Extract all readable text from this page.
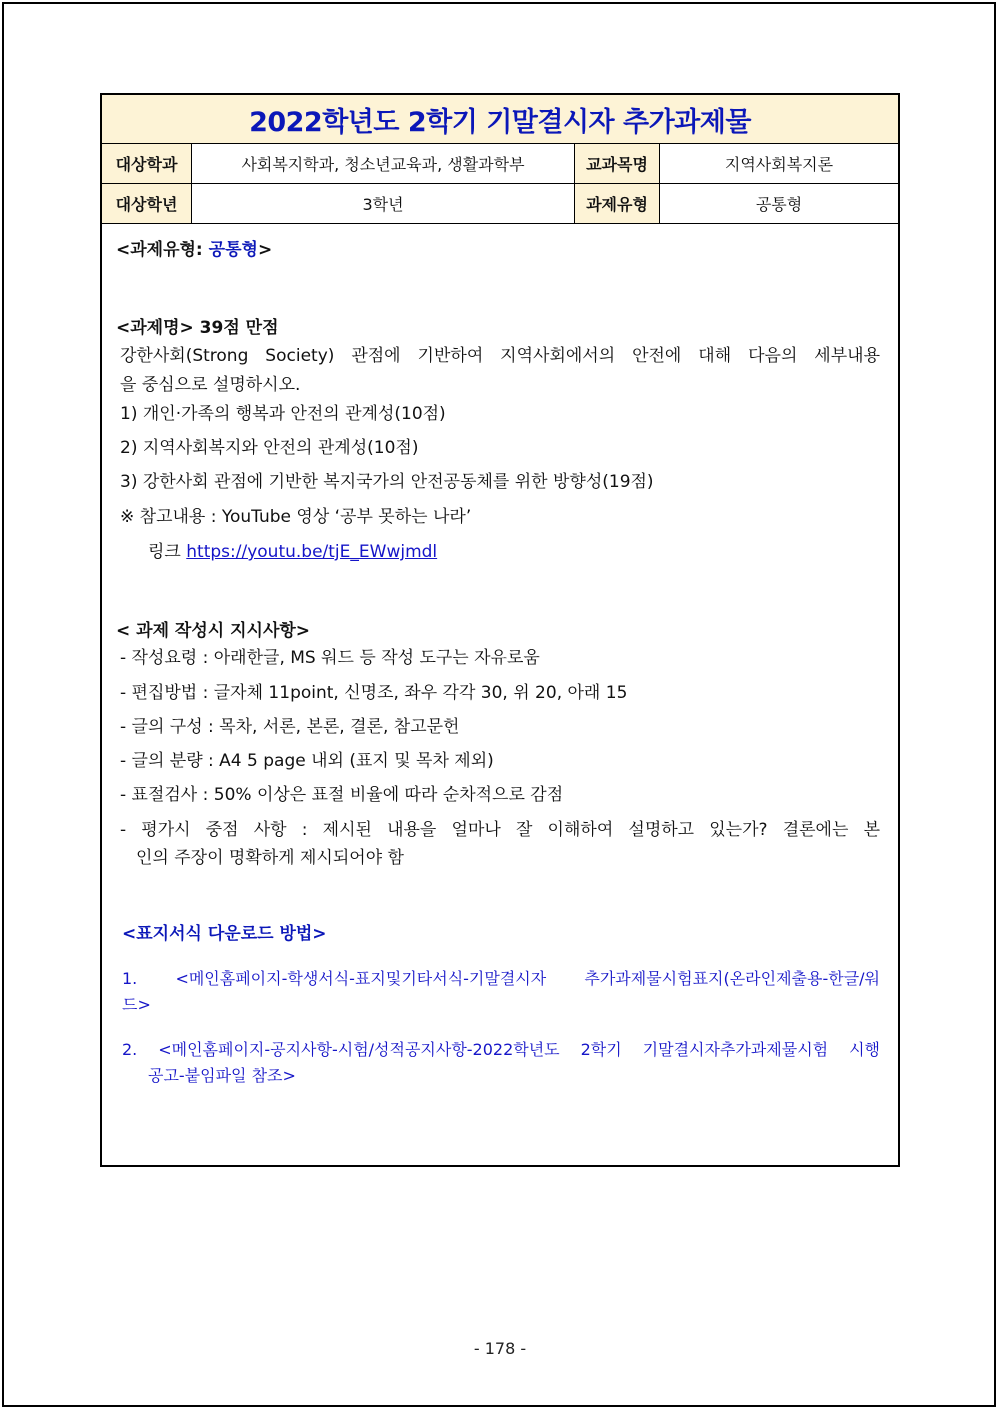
2022학년도 2학기 기말결시자 추가과제물
대상학과	사회복지학과, 청소년교육과, 생활과학부	교과목명	지역사회복지론
대상학년	3학년	과제유형	공통형
<과제유형: 공통형>
<과제명> 39점 만점
강한사회(Strong Society) 관점에 기반하여 지역사회에서의 안전에 대해 다음의 세부내용
을 중심으로 설명하시오.
1) 개인·가족의 행복과 안전의 관계성(10점)
2) 지역사회복지와 안전의 관계성(10점)
3) 강한사회 관점에 기반한 복지국가의 안전공동체를 위한 방향성(19점)
※ 참고내용 : YouTube 영상 ‘공부 못하는 나라’
링크 https://youtu.be/tjE_EWwjmdl
< 과제 작성시 지시사항>
- 작성요령 : 아래한글, MS 워드 등 작성 도구는 자유로움
- 편집방법 : 글자체 11point, 신명조, 좌우 각각 30, 위 20, 아래 15
- 글의 구성 : 목차, 서론, 본론, 결론, 참고문헌
- 글의 분량 : A4 5 page 내외 (표지 및 목차 제외)
- 표절검사 : 50% 이상은 표절 비율에 따라 순차적으로 감점
- 평가시 중점 사항 : 제시된 내용을 얼마나 잘 이해하여 설명하고 있는가? 결론에는 본
인의 주장이 명확하게 제시되어야 함
<표지서식 다운로드 방법>
1. <메인홈페이지-학생서식-표지및기타서식-기말결시자 추가과제물시험표지(온라인제출용-한글/워
드>
2. <메인홈페이지-공지사항-시험/성적공지사항-2022학년도 2학기 기말결시자추가과제물시험 시행
공고-붙임파일 참조>
- 178 -
